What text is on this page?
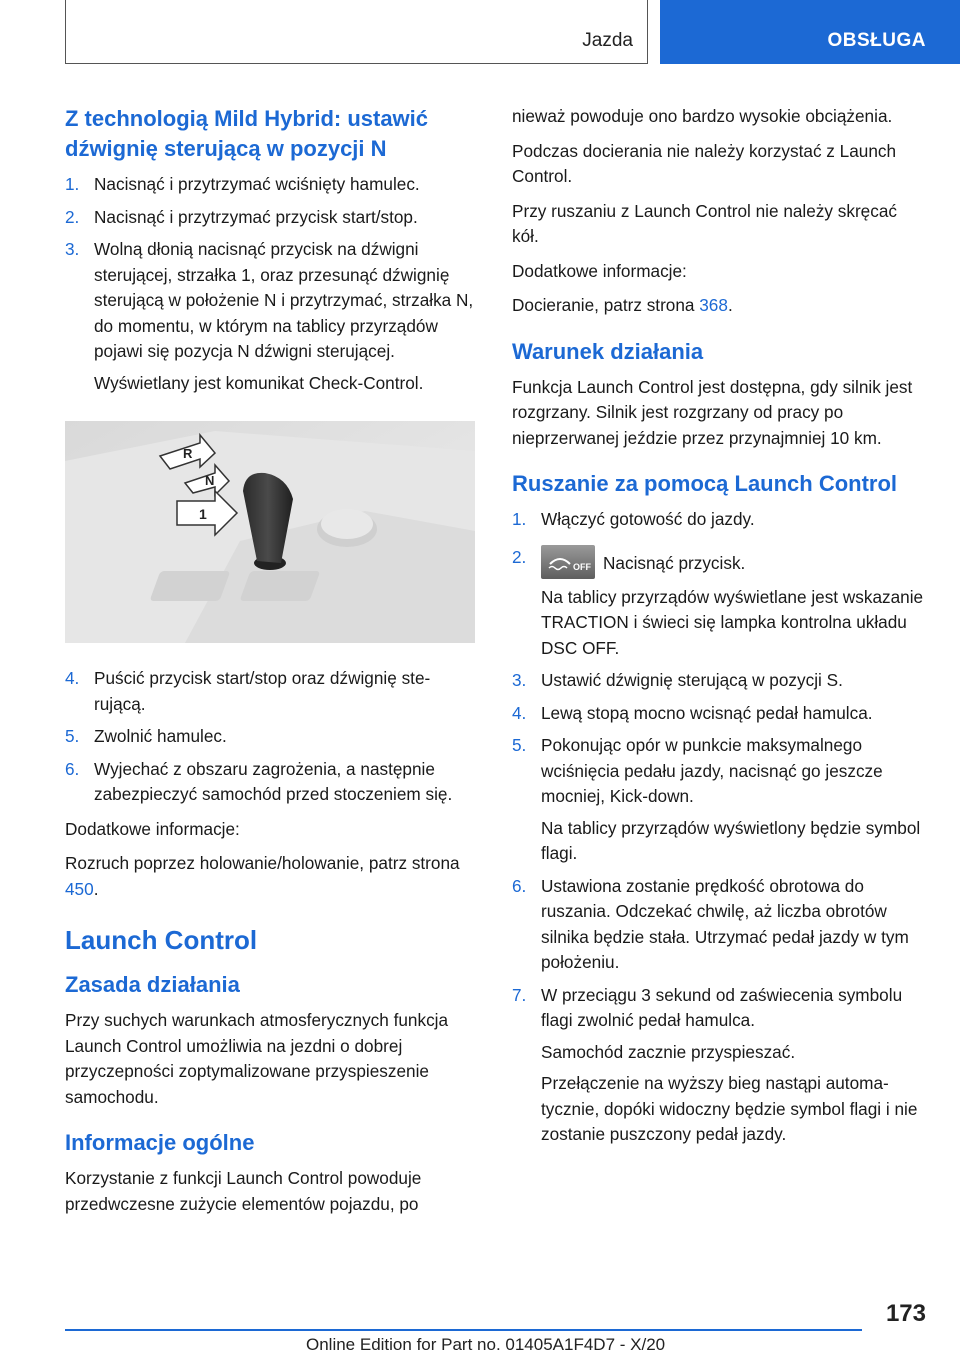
Jazda	OBSŁUGA
Z technologią Mild Hybrid: ustawić dźwignię sterującą w pozycji N
1. Nacisnąć i przytrzymać wciśnięty hamulec.
2. Nacisnąć i przytrzymać przycisk start/stop.
3. Wolną dłonią nacisnąć przycisk na dźwigni sterującej, strzałka 1, oraz przesunąć dźwignię sterującą w położenie N i przytrzymać, strzałka N, do momentu, w którym na tablicy przyrządów pojawi się pozycja N dźwigni sterującej.

Wyświetlany jest komunikat Check-Control.

R
N
1
4. Puścić przycisk start/stop oraz dźwignię sterującą.
5. Zwolnić hamulec.
6. Wyjechać z obszaru zagrożenia, a następnie zabezpieczyć samochód przed stoczeniem się.

Dodatkowe informacje:

Rozruch poprzez holowanie/holowanie, patrz strona 450.

Launch Control
Zasada działania

Przy suchych warunkach atmosferycznych funkcja Launch Control umożliwia na jezdni o dobrej przyczepności zoptymalizowane przyspieszenie samochodu.

Informacje ogólne

Korzystanie z funkcji Launch Control powoduje przedwczesne zużycie elementów pojazdu, po

nieważ powoduje ono bardzo wysokie obciążenia.

Podczas docierania nie należy korzystać z Launch Control.

Przy ruszaniu z Launch Control nie należy skręcać kół.

Dodatkowe informacje:

Docieranie, patrz strona 368.

Warunek działania

Funkcja Launch Control jest dostępna, gdy silnik jest rozgrzany. Silnik jest rozgrzany od pracy po nieprzerwanej jeździe przez przynajmniej 10 km.

Ruszanie za pomocą Launch Control
1. Włączyć gotowość do jazdy.
2.	OFF Nacisnąć przycisk.

Na tablicy przyrządów wyświetlane jest wskazanie TRACTION i świeci się lampka kontrolna układu DSC OFF.

3. Ustawić dźwignię sterującą w pozycji S.
4. Lewą stopą mocno wcisnąć pedał hamulca.
5. Pokonując opór w punkcie maksymalnego wciśnięcia pedału jazdy, nacisnąć go jeszcze mocniej, Kick-down.

Na tablicy przyrządów wyświetlony będzie symbol flagi.

6. Ustawiona zostanie prędkość obrotowa do ruszania. Odczekać chwilę, aż liczba obrotów silnika będzie stała. Utrzymać pedał jazdy w tym położeniu.
7. W przeciągu 3 sekund od zaświecenia symbolu flagi zwolnić pedał hamulca.

Samochód zacznie przyspieszać.

Przełączenie na wyższy bieg nastąpi automatycznie, dopóki widoczny będzie symbol flagi i nie zostanie puszczony pedał jazdy.

173
Online Edition for Part no. 01405A1F4D7 - X/20
